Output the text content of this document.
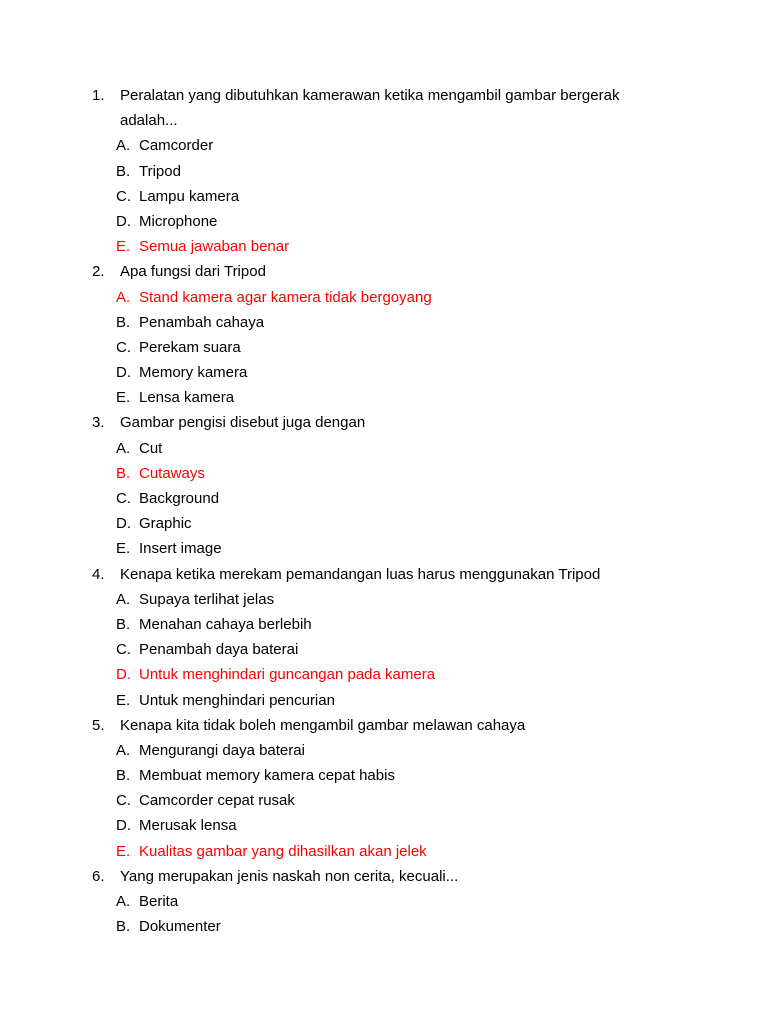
1. Peralatan yang dibutuhkan kamerawan ketika mengambil gambar bergerak
adalah...
A. Camcorder
B. Tripod
C. Lampu kamera
D. Microphone
E. Semua jawaban benar
2. Apa fungsi dari Tripod
A. Stand kamera agar kamera tidak bergoyang
B. Penambah cahaya
C. Perekam suara
D. Memory kamera
E. Lensa kamera
3. Gambar pengisi disebut juga dengan
A. Cut
B. Cutaways
C. Background
D. Graphic
E. Insert image
4. Kenapa ketika merekam pemandangan luas harus menggunakan Tripod
A. Supaya terlihat jelas
B. Menahan cahaya berlebih
C. Penambah daya baterai
D. Untuk menghindari guncangan pada kamera
E. Untuk menghindari pencurian
5. Kenapa kita tidak boleh mengambil gambar melawan cahaya
A. Mengurangi daya baterai
B. Membuat memory kamera cepat habis
C. Camcorder cepat rusak
D. Merusak lensa
E. Kualitas gambar yang dihasilkan akan jelek
6. Yang merupakan jenis naskah non cerita, kecuali...
A. Berita
B. Dokumenter
